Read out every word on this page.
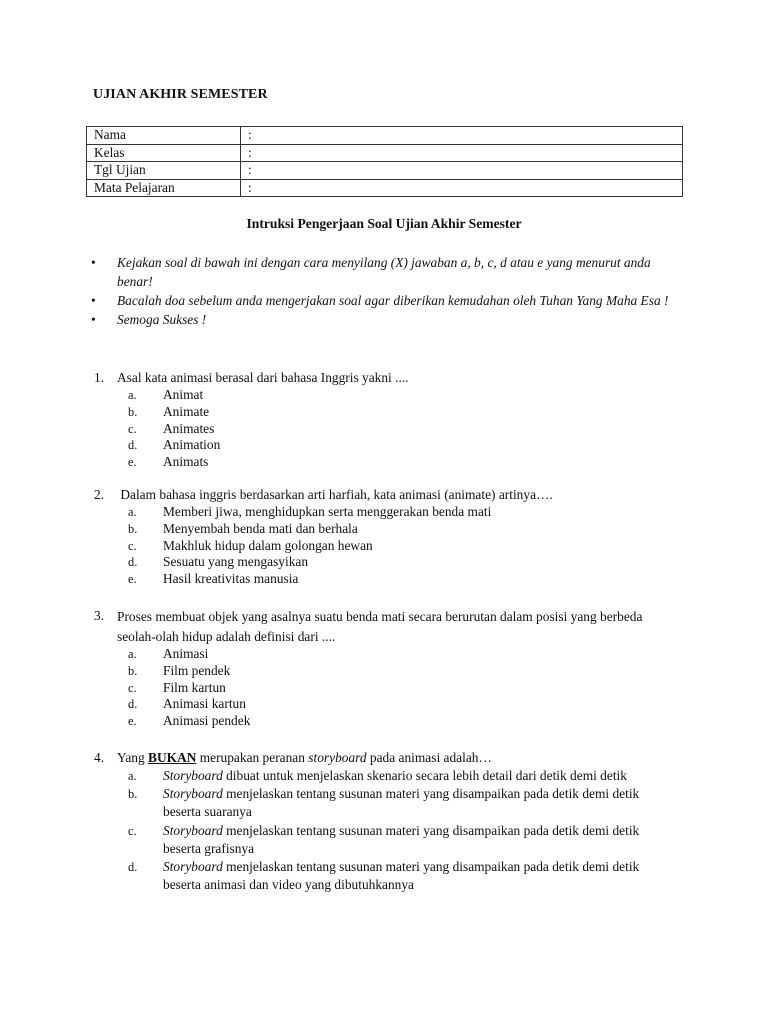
UJIAN AKHIR SEMESTER
Nama	:
Kelas	:
Tgl Ujian	:
Mata Pelajaran	:
Intruksi Pengerjaan Soal Ujian Akhir Semester
• Kejakan soal di bawah ini dengan cara menyilang (X) jawaban a, b, c, d atau e yang menurut anda benar!
• Bacalah doa sebelum anda mengerjakan soal agar diberikan kemudahan oleh Tuhan Yang Maha Esa !
• Semoga Sukses !
1. Asal kata animasi berasal dari bahasa Inggris yakni ....
a. Animat
b. Animate
c. Animates
d. Animation
e. Animats
2. Dalam bahasa inggris berdasarkan arti harfiah, kata animasi (animate) artinya….
a. Memberi jiwa, menghidupkan serta menggerakan benda mati
b. Menyembah benda mati dan berhala
c. Makhluk hidup dalam golongan hewan
d. Sesuatu yang mengasyikan
e. Hasil kreativitas manusia
3. Proses membuat objek yang asalnya suatu benda mati secara berurutan dalam posisi yang berbeda seolah-olah hidup adalah definisi dari ....
a. Animasi
b. Film pendek
c. Film kartun
d. Animasi kartun
e. Animasi pendek
4. Yang BUKAN merupakan peranan storyboard pada animasi adalah…
a. Storyboard dibuat untuk menjelaskan skenario secara lebih detail dari detik demi detik
b. Storyboard menjelaskan tentang susunan materi yang disampaikan pada detik demi detik beserta suaranya
c. Storyboard menjelaskan tentang susunan materi yang disampaikan pada detik demi detik beserta grafisnya
d. Storyboard menjelaskan tentang susunan materi yang disampaikan pada detik demi detik beserta animasi dan video yang dibutuhkannya
